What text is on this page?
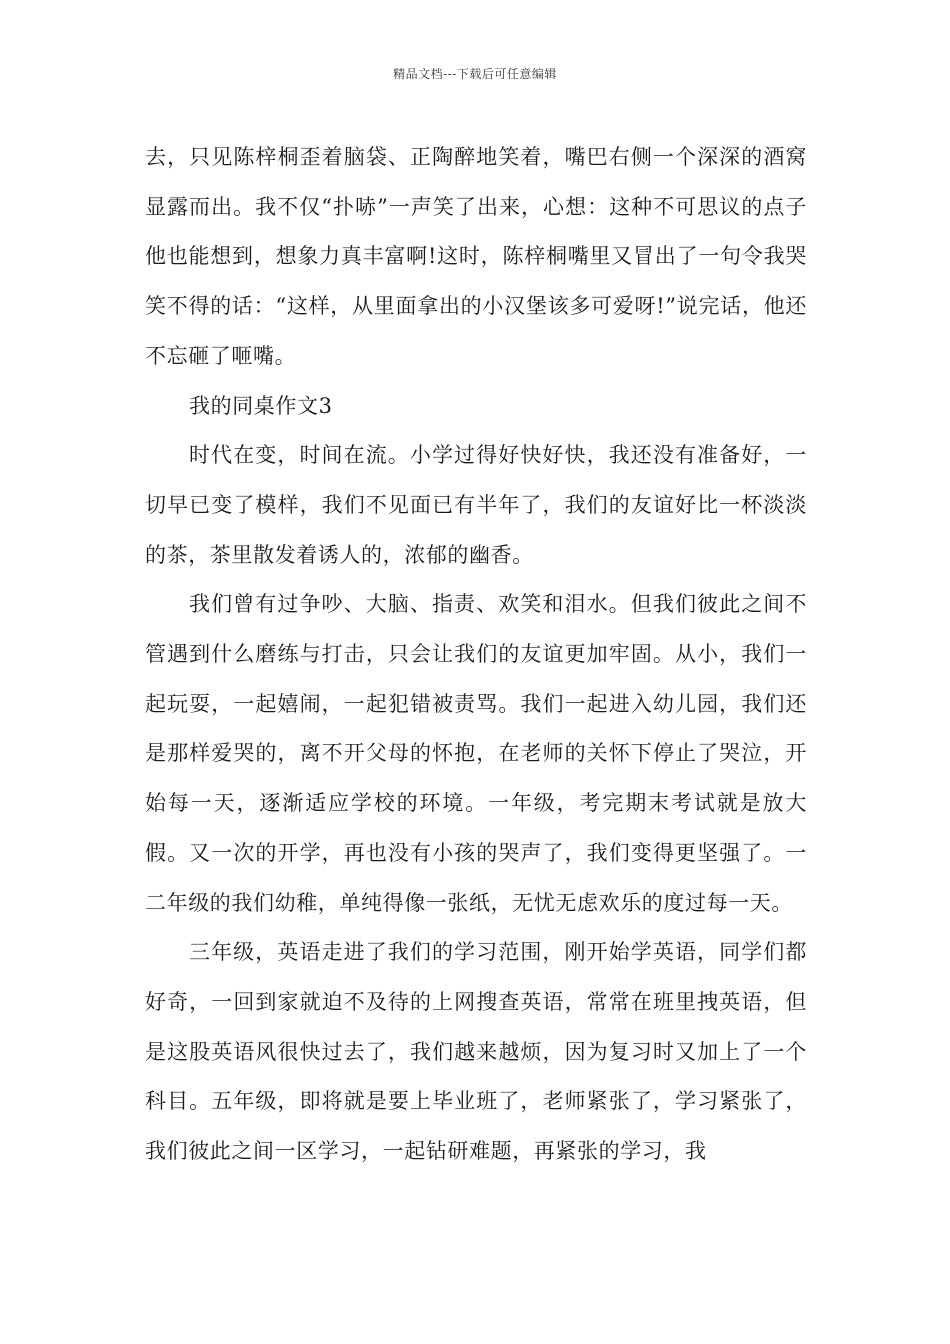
精品文档---下载后可任意编辑

去，只见陈梓桐歪着脑袋、正陶醉地笑着，嘴巴右侧一个深深的酒窝显露而出。我不仅“扑哧”一声笑了出来，心想：这种不可思议的点子他也能想到，想象力真丰富啊!这时，陈梓桐嘴里又冒出了一句令我哭笑不得的话：“这样，从里面拿出的小汉堡该多可爱呀!”说完话，他还不忘砸了咂嘴。

我的同桌作文3

时代在变，时间在流。小学过得好快好快，我还没有准备好，一切早已变了模样，我们不见面已有半年了，我们的友谊好比一杯淡淡的茶，茶里散发着诱人的，浓郁的幽香。

我们曾有过争吵、大脑、指责、欢笑和泪水。但我们彼此之间不管遇到什么磨练与打击，只会让我们的友谊更加牢固。从小，我们一起玩耍，一起嬉闹，一起犯错被责骂。我们一起进入幼儿园，我们还是那样爱哭的，离不开父母的怀抱，在老师的关怀下停止了哭泣，开始每一天，逐渐适应学校的环境。一年级，考完期末考试就是放大假。又一次的开学，再也没有小孩的哭声了，我们变得更坚强了。一二年级的我们幼稚，单纯得像一张纸，无忧无虑欢乐的度过每一天。

三年级，英语走进了我们的学习范围，刚开始学英语，同学们都好奇，一回到家就迫不及待的上网搜查英语，常常在班里拽英语，但是这股英语风很快过去了，我们越来越烦，因为复习时又加上了一个科目。五年级，即将就是要上毕业班了，老师紧张了，学习紧张了，我们彼此之间一区学习，一起钻研难题，再紧张的学习，我
